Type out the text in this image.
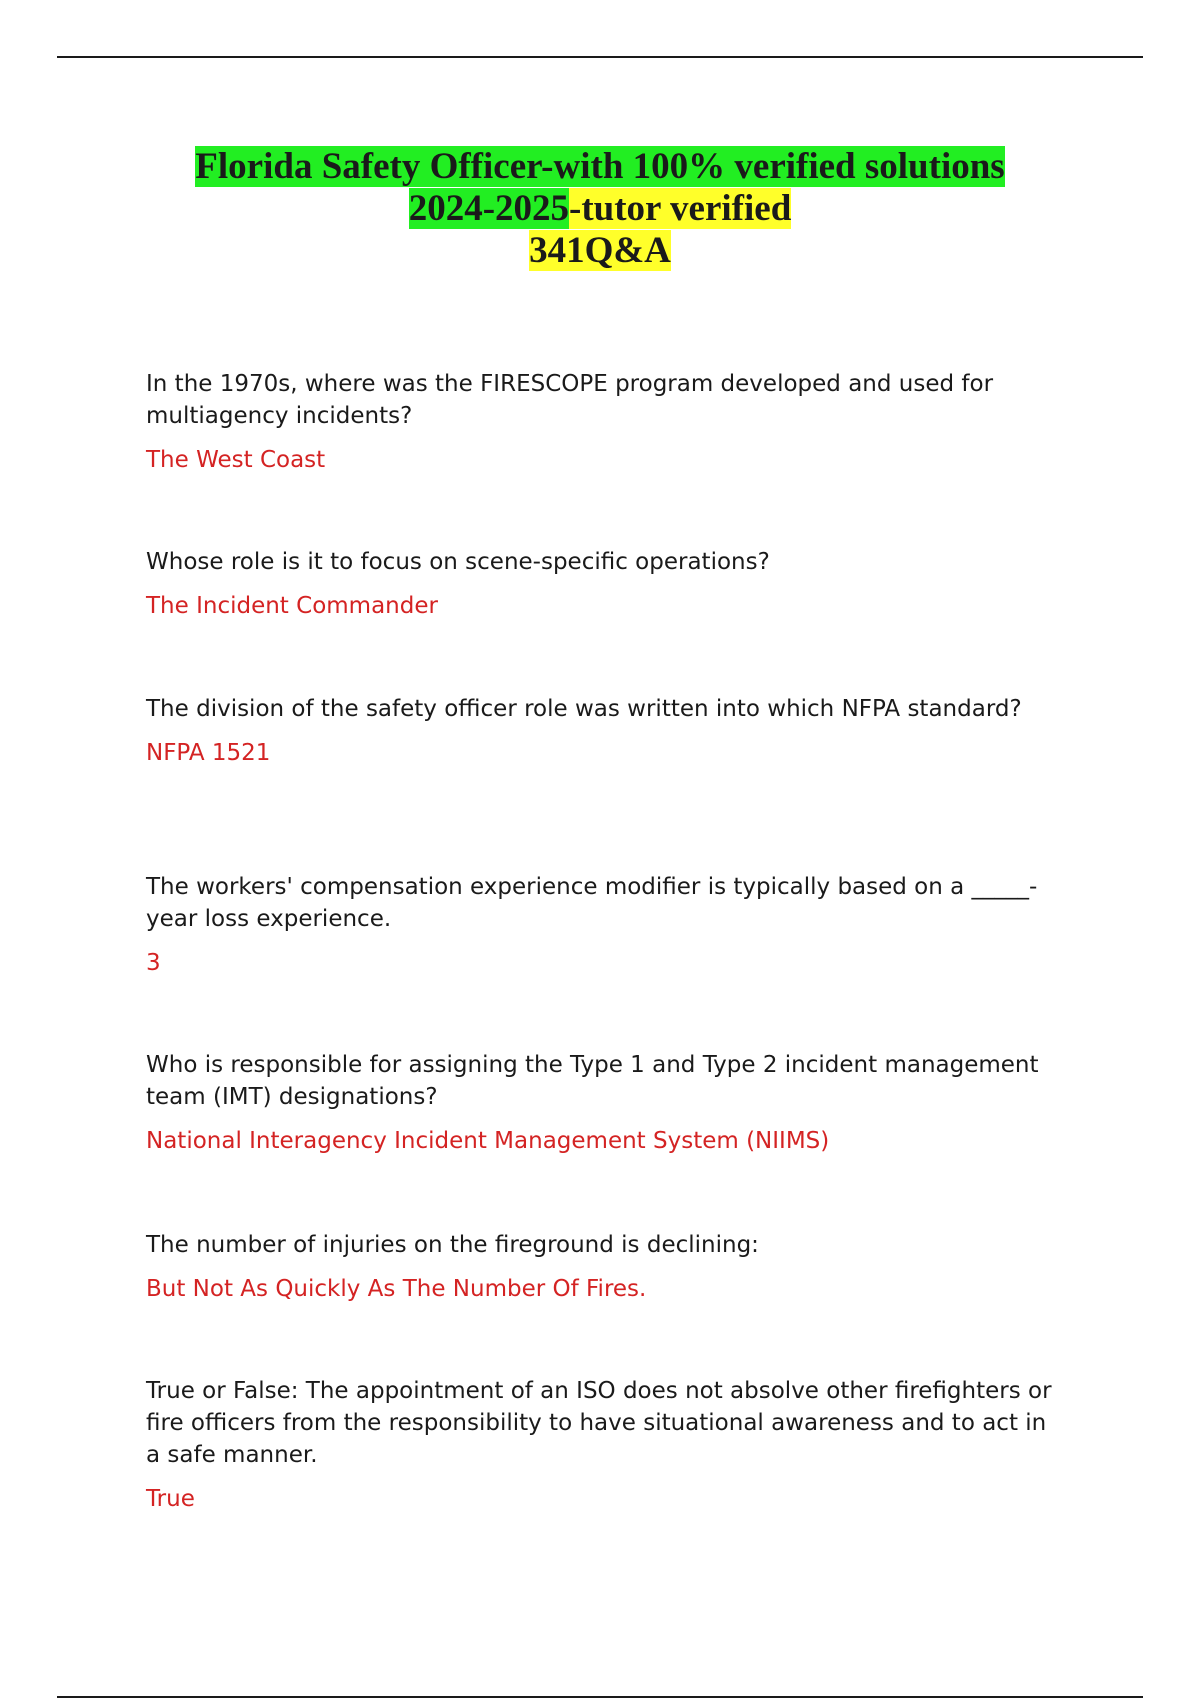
Florida Safety Officer-with 100% verified solutions
2024-2025-tutor verified
341Q&A

In the 1970s, where was the FIRESCOPE program developed and used for multiagency incidents?

The West Coast

Whose role is it to focus on scene-specific operations?

The Incident Commander

The division of the safety officer role was written into which NFPA standard?

NFPA 1521

The workers' compensation experience modifier is typically based on a _____-year loss experience.

3

Who is responsible for assigning the Type 1 and Type 2 incident management team (IMT) designations?

National Interagency Incident Management System (NIIMS)

The number of injuries on the fireground is declining:

But Not As Quickly As The Number Of Fires.

True or False: The appointment of an ISO does not absolve other firefighters or fire officers from the responsibility to have situational awareness and to act in a safe manner.

True
